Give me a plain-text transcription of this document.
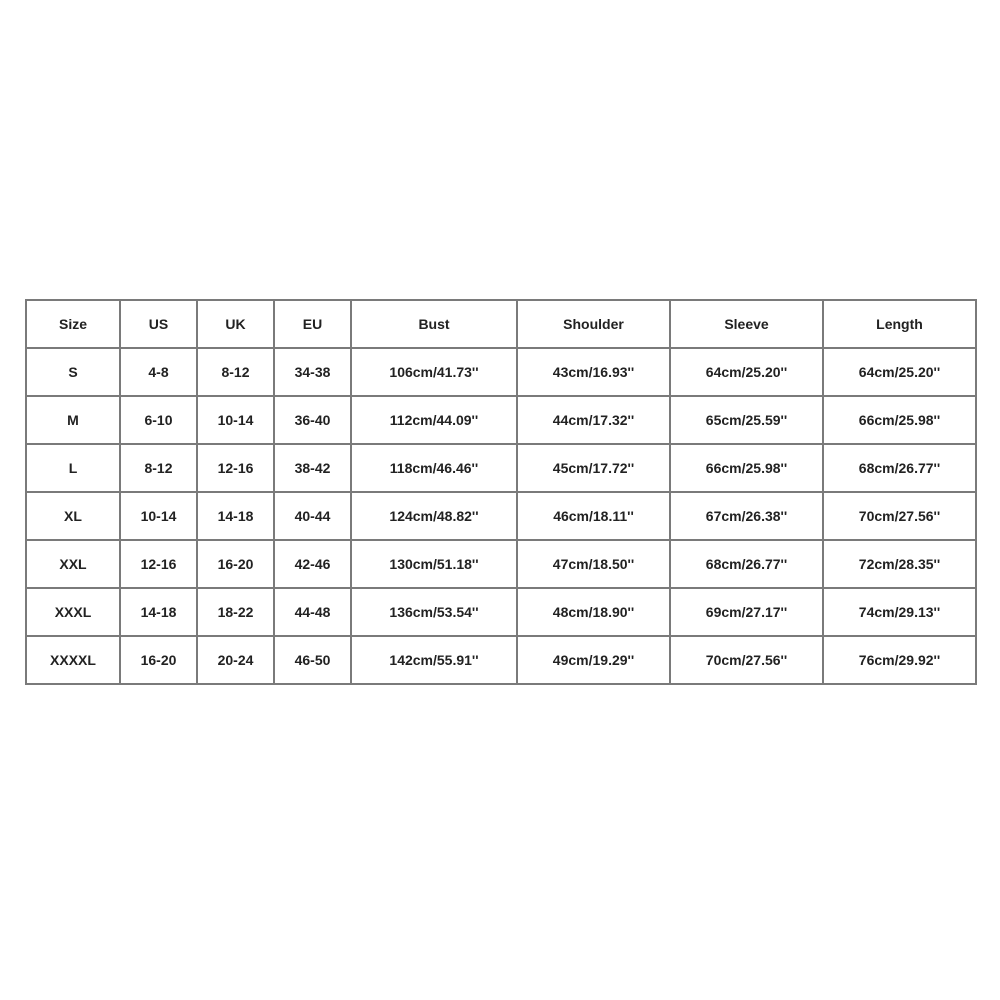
Size	US	UK	EU	Bust	Shoulder	Sleeve	Length
S	4-8	8-12	34-38	106cm/41.73''	43cm/16.93''	64cm/25.20''	64cm/25.20''
M	6-10	10-14	36-40	112cm/44.09''	44cm/17.32''	65cm/25.59''	66cm/25.98''
L	8-12	12-16	38-42	118cm/46.46''	45cm/17.72''	66cm/25.98''	68cm/26.77''
XL	10-14	14-18	40-44	124cm/48.82''	46cm/18.11''	67cm/26.38''	70cm/27.56''
XXL	12-16	16-20	42-46	130cm/51.18''	47cm/18.50''	68cm/26.77''	72cm/28.35''
XXXL	14-18	18-22	44-48	136cm/53.54''	48cm/18.90''	69cm/27.17''	74cm/29.13''
XXXXL	16-20	20-24	46-50	142cm/55.91''	49cm/19.29''	70cm/27.56''	76cm/29.92''
